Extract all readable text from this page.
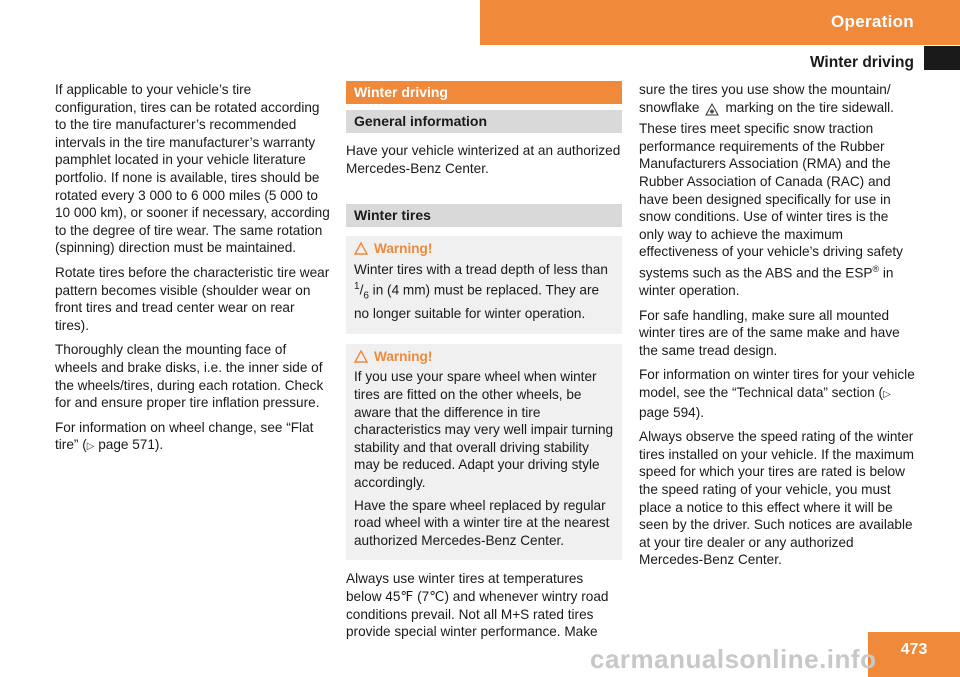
Operation
Winter driving

If applicable to your vehicle’s tire configuration, tires can be rotated according to the tire manufacturer’s recommended intervals in the tire manufacturer’s warranty pamphlet located in your vehicle literature portfolio. If none is available, tires should be rotated every 3 000 to 6 000 miles (5 000 to 10 000 km), or sooner if necessary, according to the degree of tire wear. The same rotation (spinning) direction must be maintained.

Rotate tires before the characteristic tire wear pattern becomes visible (shoulder wear on front tires and tread center wear on rear tires).

Thoroughly clean the mounting face of wheels and brake disks, i.e. the inner side of the wheels/tires, during each rotation. Check for and ensure proper tire inflation pressure.

For information on wheel change, see “Flat tire” (▷ page 571).

Winter driving
General information

Have your vehicle winterized at an authorized Mercedes-Benz Center.

Winter tires
Warning!

Winter tires with a tread depth of less than $^1/_6$ in (4 mm) must be replaced. They are no longer suitable for winter operation.

Warning!

If you use your spare wheel when winter tires are fitted on the other wheels, be aware that the difference in tire characteristics may very well impair turning stability and that overall driving stability may be reduced. Adapt your driving style accordingly.

Have the spare wheel replaced by regular road wheel with a winter tire at the nearest authorized Mercedes-Benz Center.

Always use winter tires at temperatures below 45℉ (7℃) and whenever wintry road conditions prevail. Not all M+S rated tires provide special winter performance. Make

sure the tires you use show the mountain/ snowflake marking on the tire sidewall. These tires meet specific snow traction performance requirements of the Rubber Manufacturers Association (RMA) and the Rubber Association of Canada (RAC) and have been designed specifically for use in snow conditions. Use of winter tires is the only way to achieve the maximum effectiveness of your vehicle’s driving safety systems such as the ABS and the ESP® in winter operation.

For safe handling, make sure all mounted winter tires are of the same make and have the same tread design.

For information on winter tires for your vehicle model, see the “Technical data” section (▷ page 594).

Always observe the speed rating of the winter tires installed on your vehicle. If the maximum speed for which your tires are rated is below the speed rating of your vehicle, you must place a notice to this effect where it will be seen by the driver. Such notices are available at your tire dealer or any authorized Mercedes-Benz Center.

473
carmanualsonline.info
